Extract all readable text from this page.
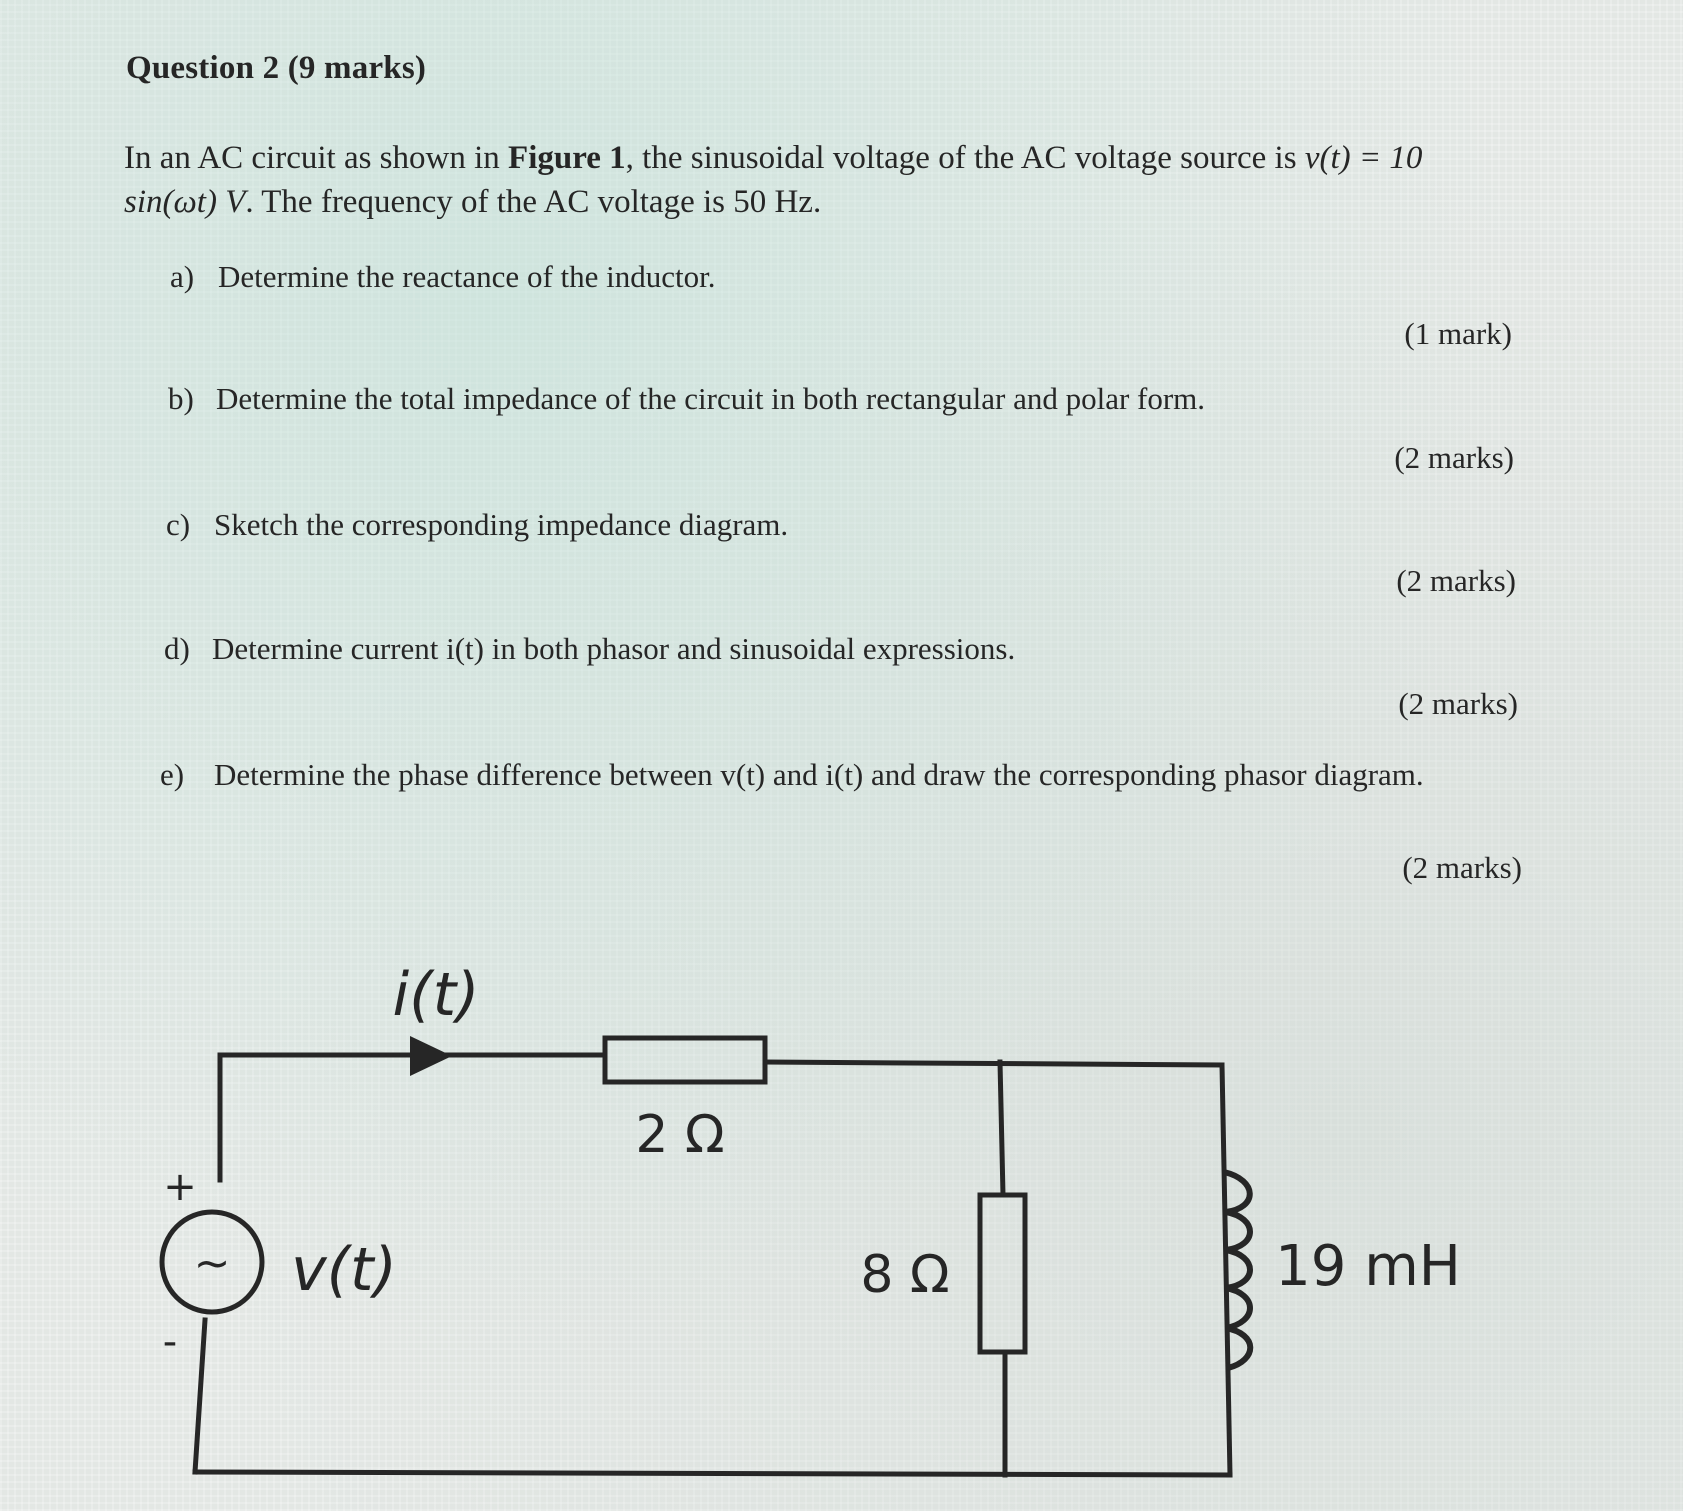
Question 2 (9 marks)
In an AC circuit as shown in Figure 1, the sinusoidal voltage of the AC voltage source is v(t) = 10 sin(ωt) V. The frequency of the AC voltage is 50 Hz.
a) Determine the reactance of the inductor.
(1 mark)
b) Determine the total impedance of the circuit in both rectangular and polar form.
(2 marks)
c) Sketch the corresponding impedance diagram.
(2 marks)
d) Determine current i(t) in both phasor and sinusoidal expressions.
(2 marks)
e) Determine the phase difference between v(t) and i(t) and draw the corresponding phasor diagram.
(2 marks)
i(t)
~ v(t)
+
-
2 Ω
8 Ω	19 mH
